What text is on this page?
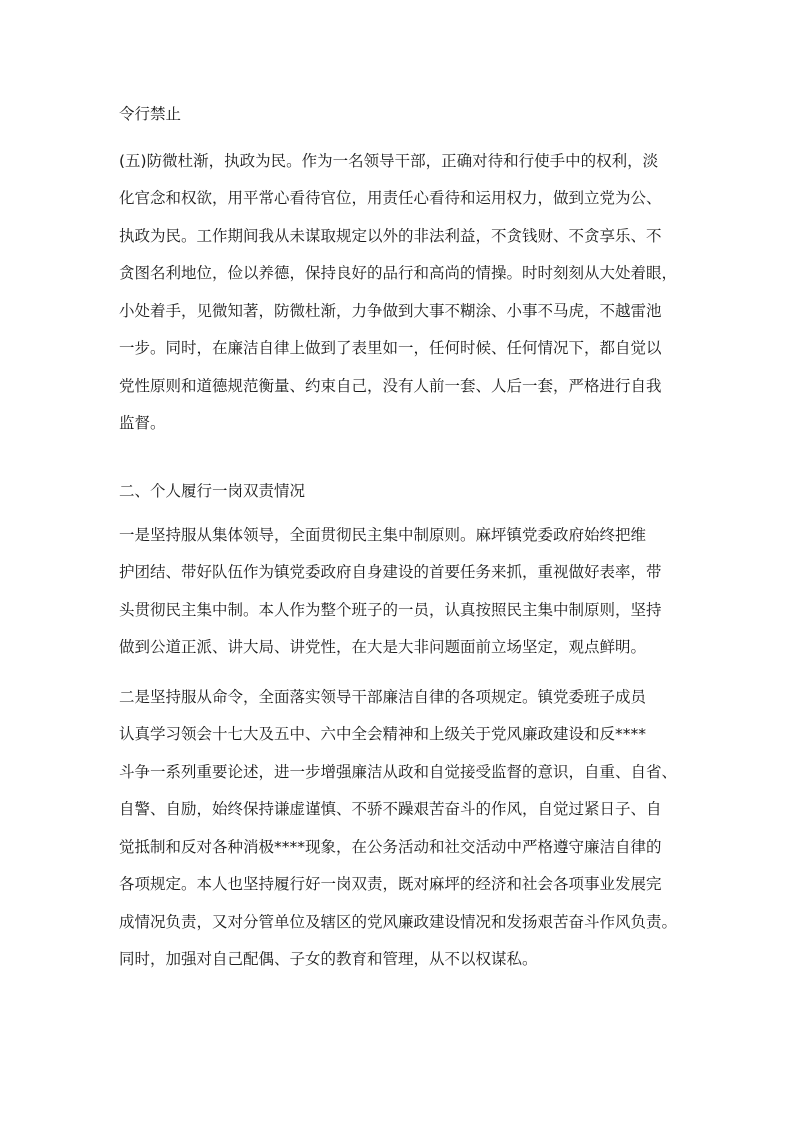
令行禁止
(五)防微杜渐，执政为民。作为一名领导干部，正确对待和行使手中的权利，淡
化官念和权欲，用平常心看待官位，用责任心看待和运用权力，做到立党为公、
执政为民。工作期间我从未谋取规定以外的非法利益，不贪钱财、不贪享乐、不
贪图名利地位，俭以养德，保持良好的品行和高尚的情操。时时刻刻从大处着眼，
小处着手，见微知著，防微杜渐，力争做到大事不糊涂、小事不马虎，不越雷池
一步。同时，在廉洁自律上做到了表里如一，任何时候、任何情况下，都自觉以
党性原则和道德规范衡量、约束自己，没有人前一套、人后一套，严格进行自我
监督。
二、个人履行一岗双责情况
一是坚持服从集体领导，全面贯彻民主集中制原则。麻坪镇党委政府始终把维
护团结、带好队伍作为镇党委政府自身建设的首要任务来抓，重视做好表率，带
头贯彻民主集中制。本人作为整个班子的一员，认真按照民主集中制原则，坚持
做到公道正派、讲大局、讲党性，在大是大非问题面前立场坚定，观点鲜明。
二是坚持服从命令，全面落实领导干部廉洁自律的各项规定。镇党委班子成员
认真学习领会十七大及五中、六中全会精神和上级关于党风廉政建设和反****
斗争一系列重要论述，进一步增强廉洁从政和自觉接受监督的意识，自重、自省、
自警、自励，始终保持谦虚谨慎、不骄不躁艰苦奋斗的作风，自觉过紧日子、自
觉抵制和反对各种消极****现象，在公务活动和社交活动中严格遵守廉洁自律的
各项规定。本人也坚持履行好一岗双责，既对麻坪的经济和社会各项事业发展完
成情况负责，又对分管单位及辖区的党风廉政建设情况和发扬艰苦奋斗作风负责。
同时，加强对自己配偶、子女的教育和管理，从不以权谋私。
